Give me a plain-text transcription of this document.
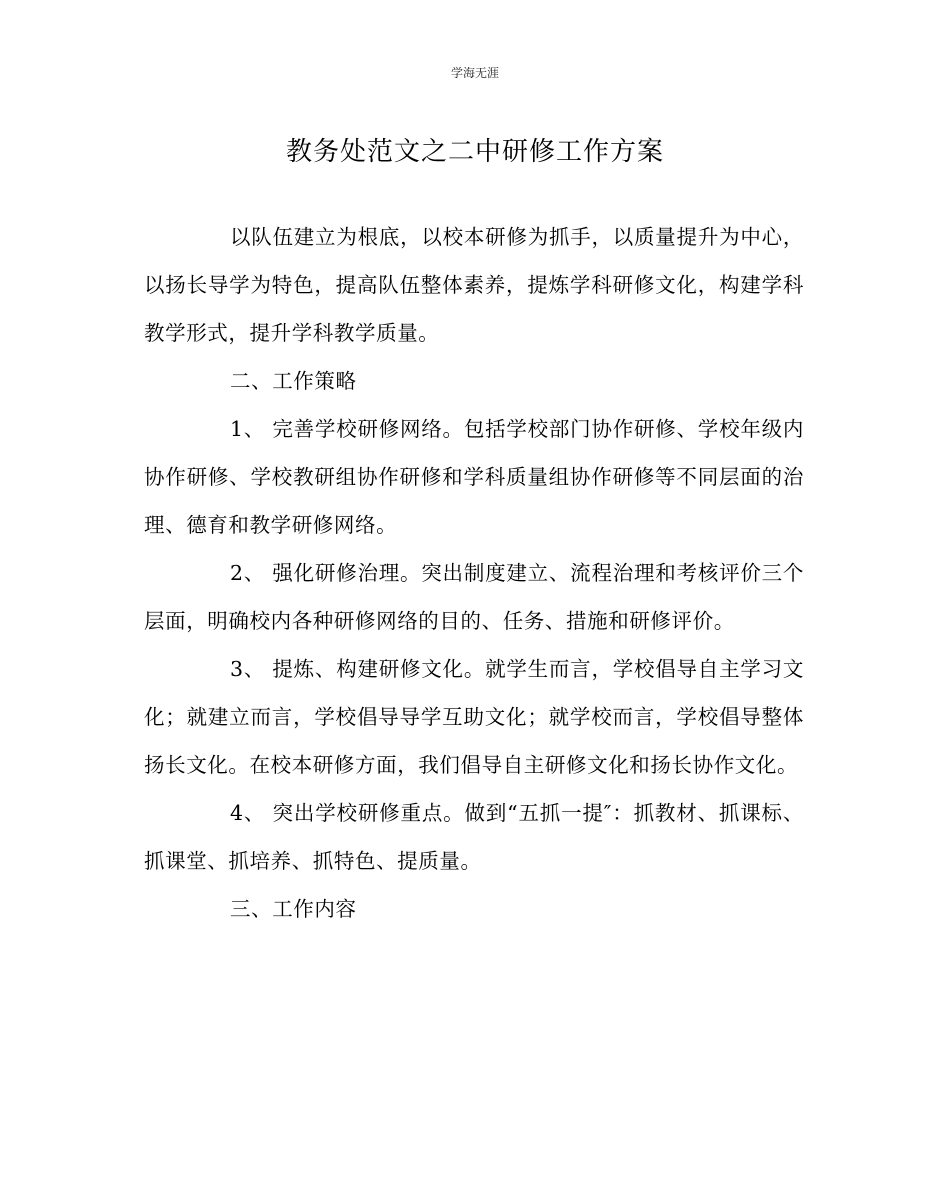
学海无涯
教务处范文之二中研修工作方案

以队伍建立为根底，以校本研修为抓手，以质量提升为中心，以扬长导学为特色，提高队伍整体素养，提炼学科研修文化，构建学科教学形式，提升学科教学质量。

二、工作策略

1、 完善学校研修网络。包括学校部门协作研修、学校年级内协作研修、学校教研组协作研修和学科质量组协作研修等不同层面的治理、德育和教学研修网络。

2、 强化研修治理。突出制度建立、流程治理和考核评价三个层面，明确校内各种研修网络的目的、任务、措施和研修评价。

3、 提炼、构建研修文化。就学生而言，学校倡导自主学习文化；就建立而言，学校倡导导学互助文化；就学校而言，学校倡导整体扬长文化。在校本研修方面，我们倡导自主研修文化和扬长协作文化。

4、 突出学校研修重点。做到“五抓一提″：抓教材、抓课标、抓课堂、抓培养、抓特色、提质量。

三、工作内容
